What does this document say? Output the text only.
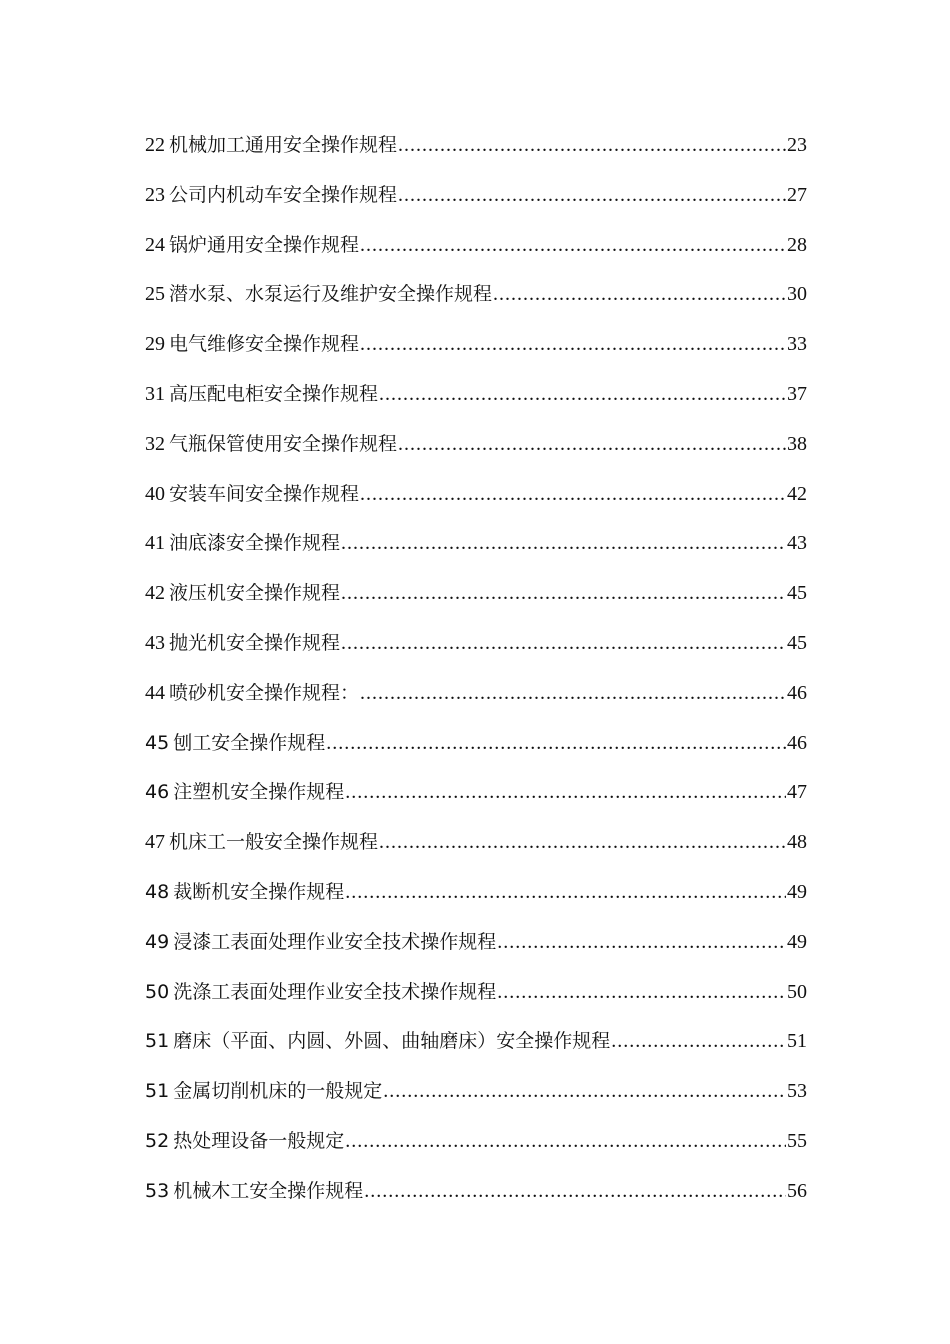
22 机械加工通用安全操作规程 .....	23
23 公司内机动车安全操作规程 .....	27
24 锅炉通用安全操作规程 .....	28
25 潜水泵、水泵运行及维护安全操作规程 .....	30
29 电气维修安全操作规程 .....	33
31 高压配电柜安全操作规程 .....	37
32 气瓶保管使用安全操作规程 .....	38
40 安装车间安全操作规程 .....	42
41 油底漆安全操作规程 .....	43
42 液压机安全操作规程 .....	45
43 抛光机安全操作规程 .....	45
44 喷砂机安全操作规程： .....	46
45 刨工安全操作规程 .....	46
46 注塑机安全操作规程 .....	47
47 机床工一般安全操作规程 .....	48
48 裁断机安全操作规程 .....	49
49 浸漆工表面处理作业安全技术操作规程 .....	49
50 洗涤工表面处理作业安全技术操作规程 .....	50
51 磨床（平面、内圆、外圆、曲轴磨床）安全操作规程 .....	51
51 金属切削机床的一般规定 .....	53
52 热处理设备一般规定 .....	55
53 机械木工安全操作规程 .....	56
